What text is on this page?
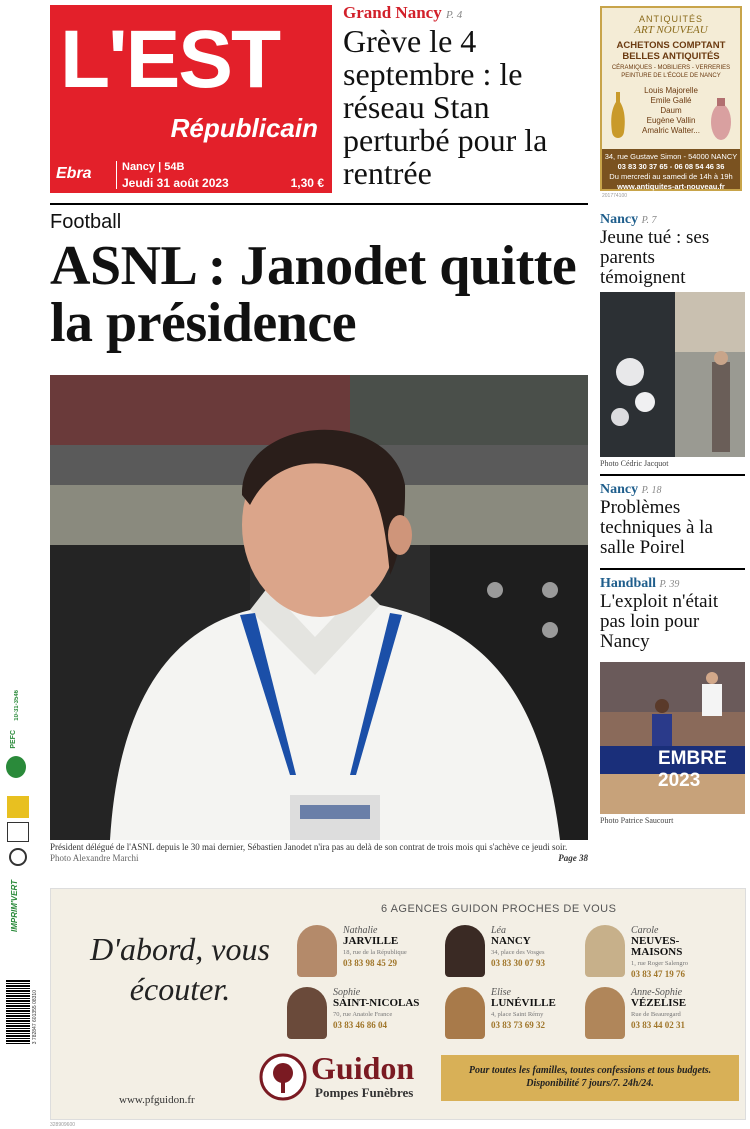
L'EST
Républicain
Ebra	Nancy | 54B
Jeudi 31 août 2023	1,30 €
Grand Nancy P. 4
Grève le 4 septembre : le réseau Stan perturbé pour la rentrée
ANTIQUITÉS
ART NOUVEAU
ACHETONS COMPTANT BELLES ANTIQUITÉS
CÉRAMIQUES - MOBILIERS - VERRERIES PEINTURE DE L'ÉCOLE DE NANCY
Louis Majorelle
Emile Gallé
Daum
Eugène Vallin
Amalric Walter...
34, rue Gustave Simon - 54000 NANCY
03 83 30 37 65 - 06 08 54 46 36
Du mercredi au samedi de 14h à 19h
www.antiquites-art-nouveau.fr
201774100
Football
ASNL : Janodet quitte la présidence
Président délégué de l'ASNL depuis le 30 mai dernier, Sébastien Janodet n'ira pas au delà de son contrat de trois mois qui s'achève ce jeudi soir. Photo Alexandre Marchi	Page 38
Nancy P. 7
Jeune tué : ses parents témoignent
Photo Cédric Jacquot
Nancy P. 18
Problèmes techniques à la salle Poirel
Handball P. 39
L'exploit n'était pas loin pour Nancy
EMBRE 2023
Photo Patrice Saucourt
10-31-3546
PEFC
IMPRIM'VERT
3 782847 601355 08310
6 AGENCES GUIDON PROCHES DE VOUS
D'abord, vous écouter.
Nathalie
JARVILLE
18, rue de la République
03 83 98 45 29
Léa
NANCY
34, place des Vosges
03 83 30 07 93
Carole
NEUVES-MAISONS
1, rue Roger Salengro
03 83 47 19 76
Sophie
SAINT-NICOLAS
70, rue Anatole France
03 83 46 86 04
Elise
LUNÉVILLE
4, place Saint Rémy
03 83 73 69 32
Anne-Sophie
VÉZELISE
Rue de Beauregard
03 83 44 02 31
Guidon
Pompes Funèbres
www.pfguidon.fr
Pour toutes les familles, toutes confessions et tous budgets.
Disponibilité 7 jours/7. 24h/24.
328909600
